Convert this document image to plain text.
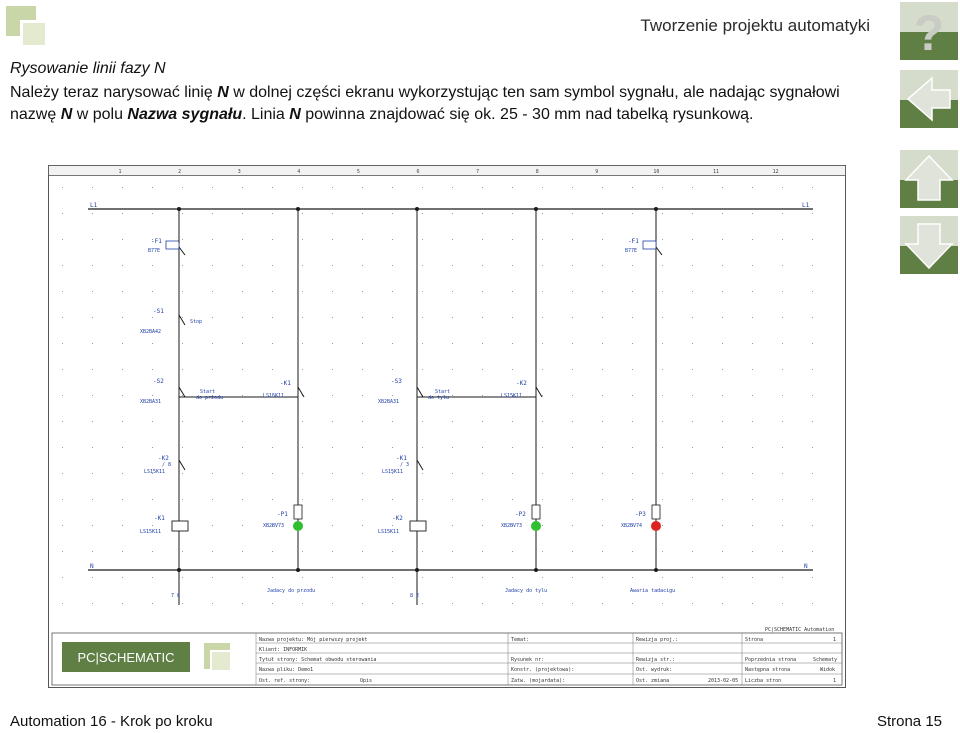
Tworzenie projektu automatyki ?
Rysowanie linii fazy N
Należy teraz narysować linię N w dolnej części ekranu wykorzystując ten sam symbol sygnału, ale nadając sygnałowi nazwę N w polu Nazwa sygnału. Linia N powinna znajdować się ok. 25 - 30 mm nad tabelką rysunkową.
1	2	3	4	5	6	7	8	9	10	11	12
L1	L1
N	N
-F1
B77E
-F1
B77E
-S1
XB2BA42
Stop
-S2
XB2BA31
Start
do przodu
-K1
LS15K11
-S3
XB2BA31
Start
do tyłu
-K2
LS15K11
-K2
/ 8
LS15K11
-K1
/ 3
LS15K11
-K1
LS15K11
-K2
LS15K11
-P1
XB2BV73
-P2
XB2BV73
-P3
XB2BV74
7 8	8 2
Jadacy do przodu	Jadacy do tylu	Awaria tadacigu
PC|SCHEMATIC Automation
PC|SCHEMATIC
Nazwa projektu: Mój pierwszy projekt	Temat:	Rewizja proj.:	Strona	1
Klient: INFORMIK
Tytuł strony: Schemat obwodu sterowania	Rysunek nr:	Rewizja str.:	Poprzednia strona	Schematy
Nazwa pliku: Demo1	Konstr. (projektowa):	Ost. wydruk:	Następna strona	Widok
Ost. ref. strony:	Opis	Zatw. (mojardata):	Ost. zmiana	2013-02-05 Liczba stron	1
Automation 16 - Krok po kroku	Strona 15
